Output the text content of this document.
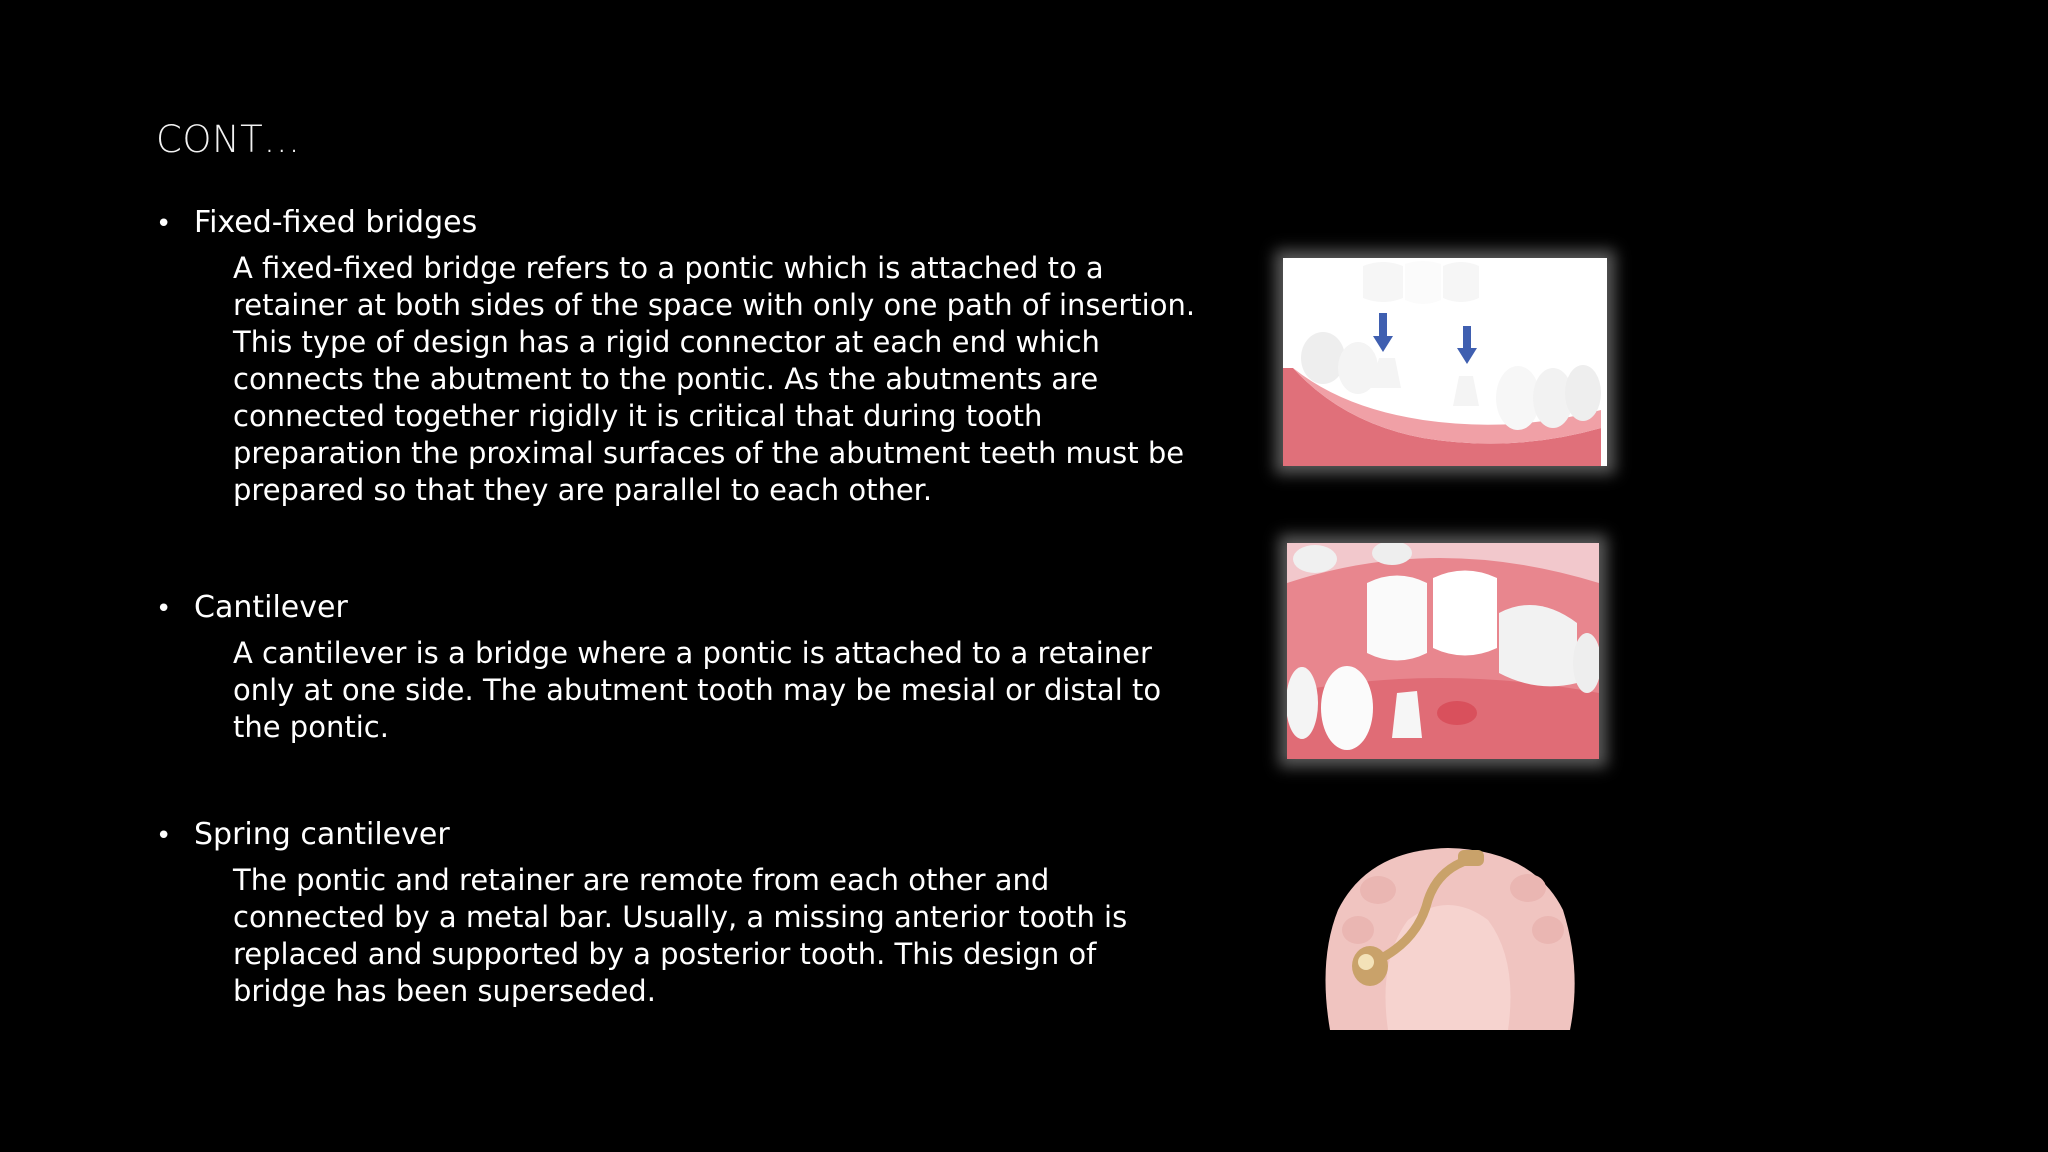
CONT…
• Fixed-fixed bridges
A fixed-fixed bridge refers to a pontic which is attached to a retainer at both sides of the space with only one path of insertion. This type of design has a rigid connector at each end which connects the abutment to the pontic. As the abutments are connected together rigidly it is critical that during tooth preparation the proximal surfaces of the abutment teeth must be prepared so that they are parallel to each other.
• Cantilever
A cantilever is a bridge where a pontic is attached to a retainer only at one side. The abutment tooth may be mesial or distal to the pontic.
• Spring cantilever
The pontic and retainer are remote from each other and connected by a metal bar. Usually, a missing anterior tooth is replaced and supported by a posterior tooth. This design of bridge has been superseded.
